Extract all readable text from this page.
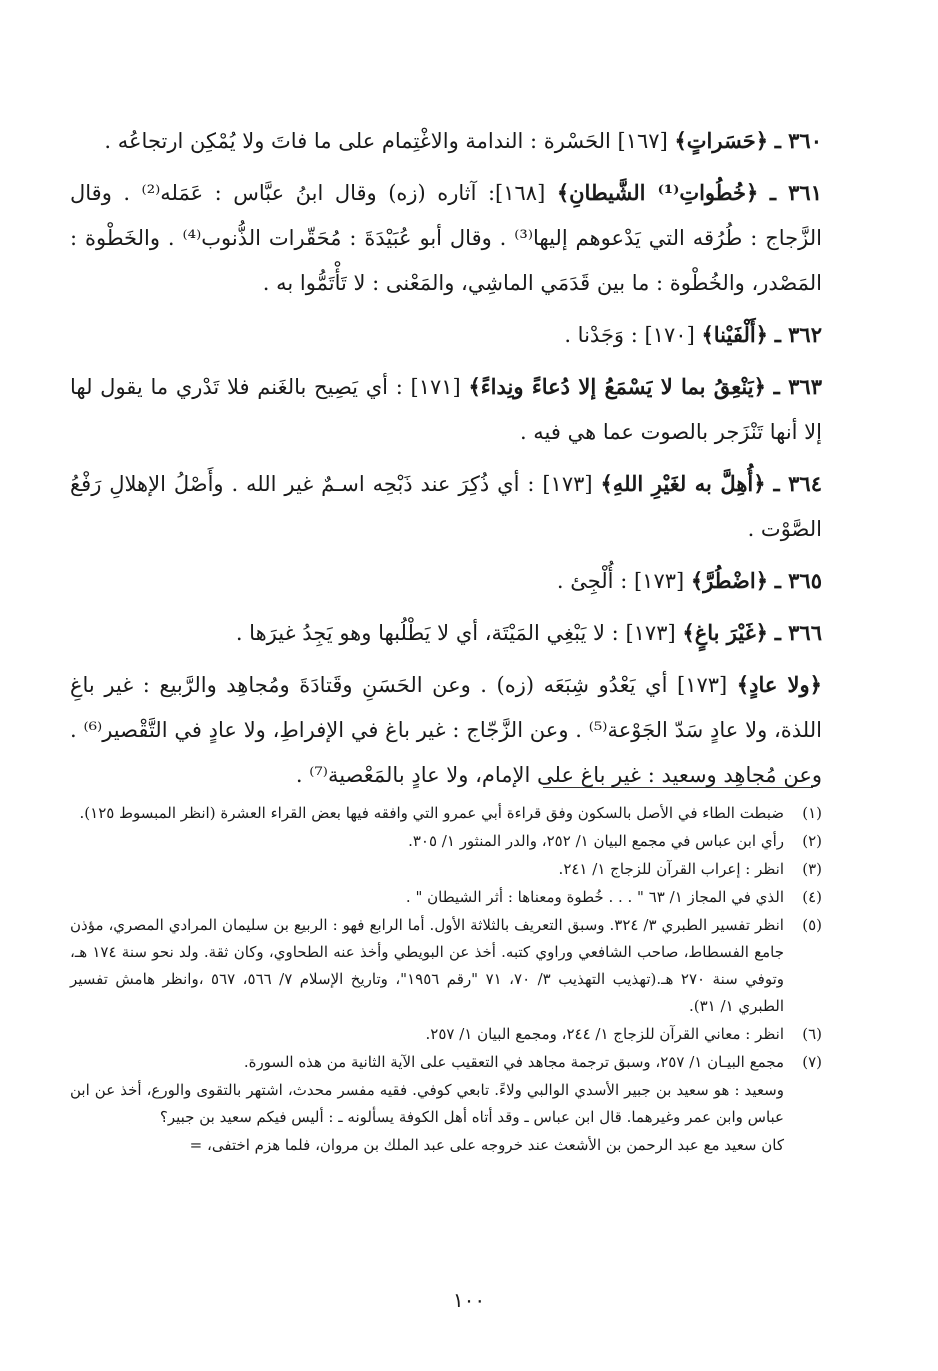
٣٦٠ ـ ﴿حَسَراتٍ﴾ [١٦٧] الحَسْرة : الندامة والاغْتِمام على ما فاتَ ولا يُمْكِن ارتجاعُه .

٣٦١ ـ ﴿خُطُواتِ⁽¹⁾ الشَّيطانِ﴾ [١٦٨]: آثاره (زه) وقال ابنُ عبَّاس : عَمَله⁽²⁾ . وقال الزَّجاج : طُرُقه التي يَدْعوهم إليها⁽³⁾ . وقال أبو عُبَيْدَةَ : مُحَقّرات الذُّنوب⁽⁴⁾ . والخَطْوة : المَصْدر، والخُطْوة : ما بين قَدَمَي الماشِي، والمَعْنى : لا تَأْتَمُّوا به .

٣٦٢ ـ ﴿أَلْفَيْنا﴾ [١٧٠] : وَجَدْنا .

٣٦٣ ـ ﴿يَنْعِقُ بما لا يَسْمَعُ إلا دُعاءً ونِداءً﴾ [١٧١] : أي يَصِيح بالغَنم فلا تَدْري ما يقول لها إلا أنها تَنْزَجر بالصوت عما هي فيه .

٣٦٤ ـ ﴿أُهِلَّ به لغَيْرِ اللهِ﴾ [١٧٣] : أي ذُكِرَ عند ذَبْحِه اسـمٌ غير الله . وأَصْلُ الإهلالِ رَفْعُ الصَّوْت .

٣٦٥ ـ ﴿اضْطُرَّ﴾ [١٧٣] : أُلْجِئ .

٣٦٦ ـ ﴿غَيْرَ باغٍ﴾ [١٧٣] : لا يَبْغِي المَيْتَة، أي لا يَطْلُبها وهو يَجِدُ غيرَها .

﴿ولا عادٍ﴾ [١٧٣] أي يَعْدُو شِبَعَه (زه) . وعن الحَسَنِ وقَتادَةَ ومُجاهِد والرَّبيع : غير باغِ اللذة، ولا عادٍ سَدّ الجَوْعة⁽⁵⁾ . وعن الزَّجّاج : غير باغ في الإفراطِ، ولا عادٍ في التَّقْصير⁽⁶⁾ . وعن مُجاهِد وسعيد : غير باغ على الإمام، ولا عادٍ بالمَعْصية⁽⁷⁾ .

(١)
ضبطت الطاء في الأصل بالسكون وفق قراءة أبي عمرو التي وافقه فيها بعض القراء العشرة (انظر المبسوط ١٢٥).
(٢)
رأي ابن عباس في مجمع البيان ١/ ٢٥٢، والدر المنثور ١/ ٣٠٥.
(٣)
انظر : إعراب القرآن للزجاج ١/ ٢٤١.
(٤)
الذي في المجاز ١/ ٦٣ " . . . خُطوة ومعناها : أثر الشيطان " .
(٥)
انظر تفسير الطبري ٣/ ٣٢٤. وسبق التعريف بالثلاثة الأول. أما الرابع فهو : الربيع بن سليمان المرادي المصري، مؤذن جامع الفسطاط، صاحب الشافعي وراوي كتبه. أخذ عن البويطي وأخذ عنه الطحاوي، وكان ثقة. ولد نحو سنة ١٧٤ هـ، وتوفي سنة ٢٧٠ هـ.(تهذيب التهذيب ٣/ ٧٠، ٧١ "رقم ١٩٥٦"، وتاريخ الإسلام ٧/ ٥٦٦، ٥٦٧ ،وانظر هامش تفسير الطبري ١/ ٣١).
(٦)
انظر : معاني القرآن للزجاج ١/ ٢٤٤، ومجمع البيان ١/ ٢٥٧.
(٧)
مجمع البيـان ١/ ٢٥٧، وسبق ترجمة مجاهد في التعقيب على الآية الثانية من هذه السورة.

وسعيد : هو سعيد بن جبير الأسدي الوالبي ولاءً. تابعي كوفي. فقيه مفسر محدث، اشتهر بالتقوى والورع، أخذ عن ابن عباس وابن عمر وغيرهما. قال ابن عباس ـ وقد أتاه أهل الكوفة يسألونه ـ : أليس فيكم سعيد بن جبير؟

كان سعيد مع عبد الرحمن بن الأشعث عند خروجه على عبد الملك بن مروان، فلما هزم اختفى، =

١٠٠
